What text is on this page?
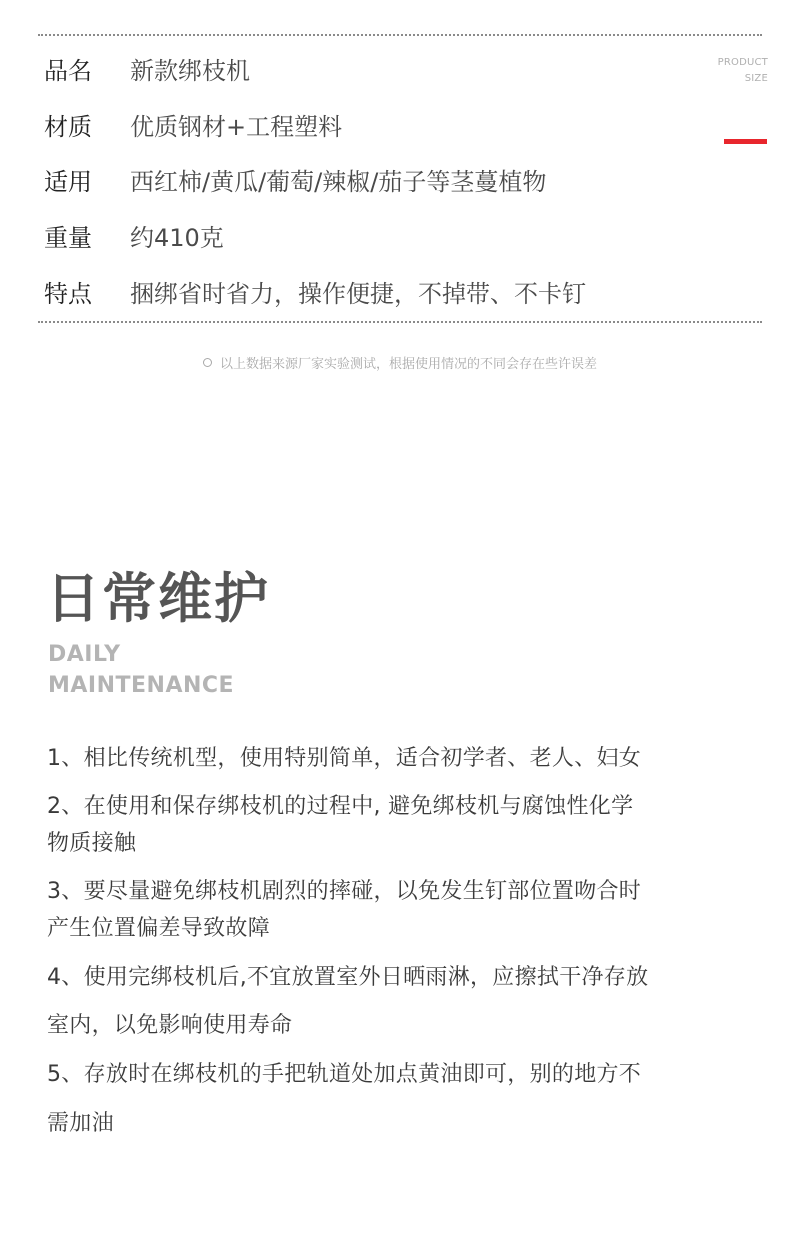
品名	新款绑枝机
材质	优质钢材+工程塑料
适用	西红柿/黄瓜/葡萄/辣椒/茄子等茎蔓植物
重量	约410克
特点	捆绑省时省力，操作便捷，不掉带、不卡钉
PRODUCT
SIZE
以上数据来源厂家实验测试，根据使用情况的不同会存在些许误差
日常维护
DAILY
MAINTENANCE
1、相比传统机型，使用特别简单，适合初学者、老人、妇女
2、在使用和保存绑枝机的过程中, 避免绑枝机与腐蚀性化学
物质接触
3、要尽量避免绑枝机剧烈的摔碰，以免发生钉部位置吻合时
产生位置偏差导致故障
4、使用完绑枝机后,不宜放置室外日晒雨淋，应擦拭干净存放
室内，以免影响使用寿命
5、存放时在绑枝机的手把轨道处加点黄油即可，别的地方不
需加油
